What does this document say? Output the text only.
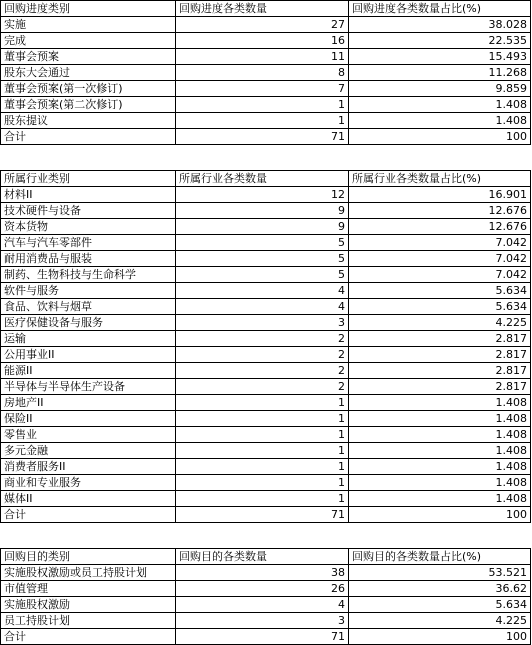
回购进度类别	回购进度各类数量	回购进度各类数量占比(%)
实施	27	38.028
完成	16	22.535
董事会预案	11	15.493
股东大会通过	8	11.268
董事会预案(第一次修订)	7	9.859
董事会预案(第二次修订)	1	1.408
股东提议	1	1.408
合计	71	100
所属行业类别	所属行业各类数量	所属行业各类数量占比(%)
材料II	12	16.901
技术硬件与设备	9	12.676
资本货物	9	12.676
汽车与汽车零部件	5	7.042
耐用消费品与服装	5	7.042
制药、生物科技与生命科学	5	7.042
软件与服务	4	5.634
食品、饮料与烟草	4	5.634
医疗保健设备与服务	3	4.225
运输	2	2.817
公用事业II	2	2.817
能源II	2	2.817
半导体与半导体生产设备	2	2.817
房地产II	1	1.408
保险II	1	1.408
零售业	1	1.408
多元金融	1	1.408
消费者服务II	1	1.408
商业和专业服务	1	1.408
媒体II	1	1.408
合计	71	100
回购目的类别	回购目的各类数量	回购目的各类数量占比(%)
实施股权激励或员工持股计划	38	53.521
市值管理	26	36.62
实施股权激励	4	5.634
员工持股计划	3	4.225
合计	71	100
